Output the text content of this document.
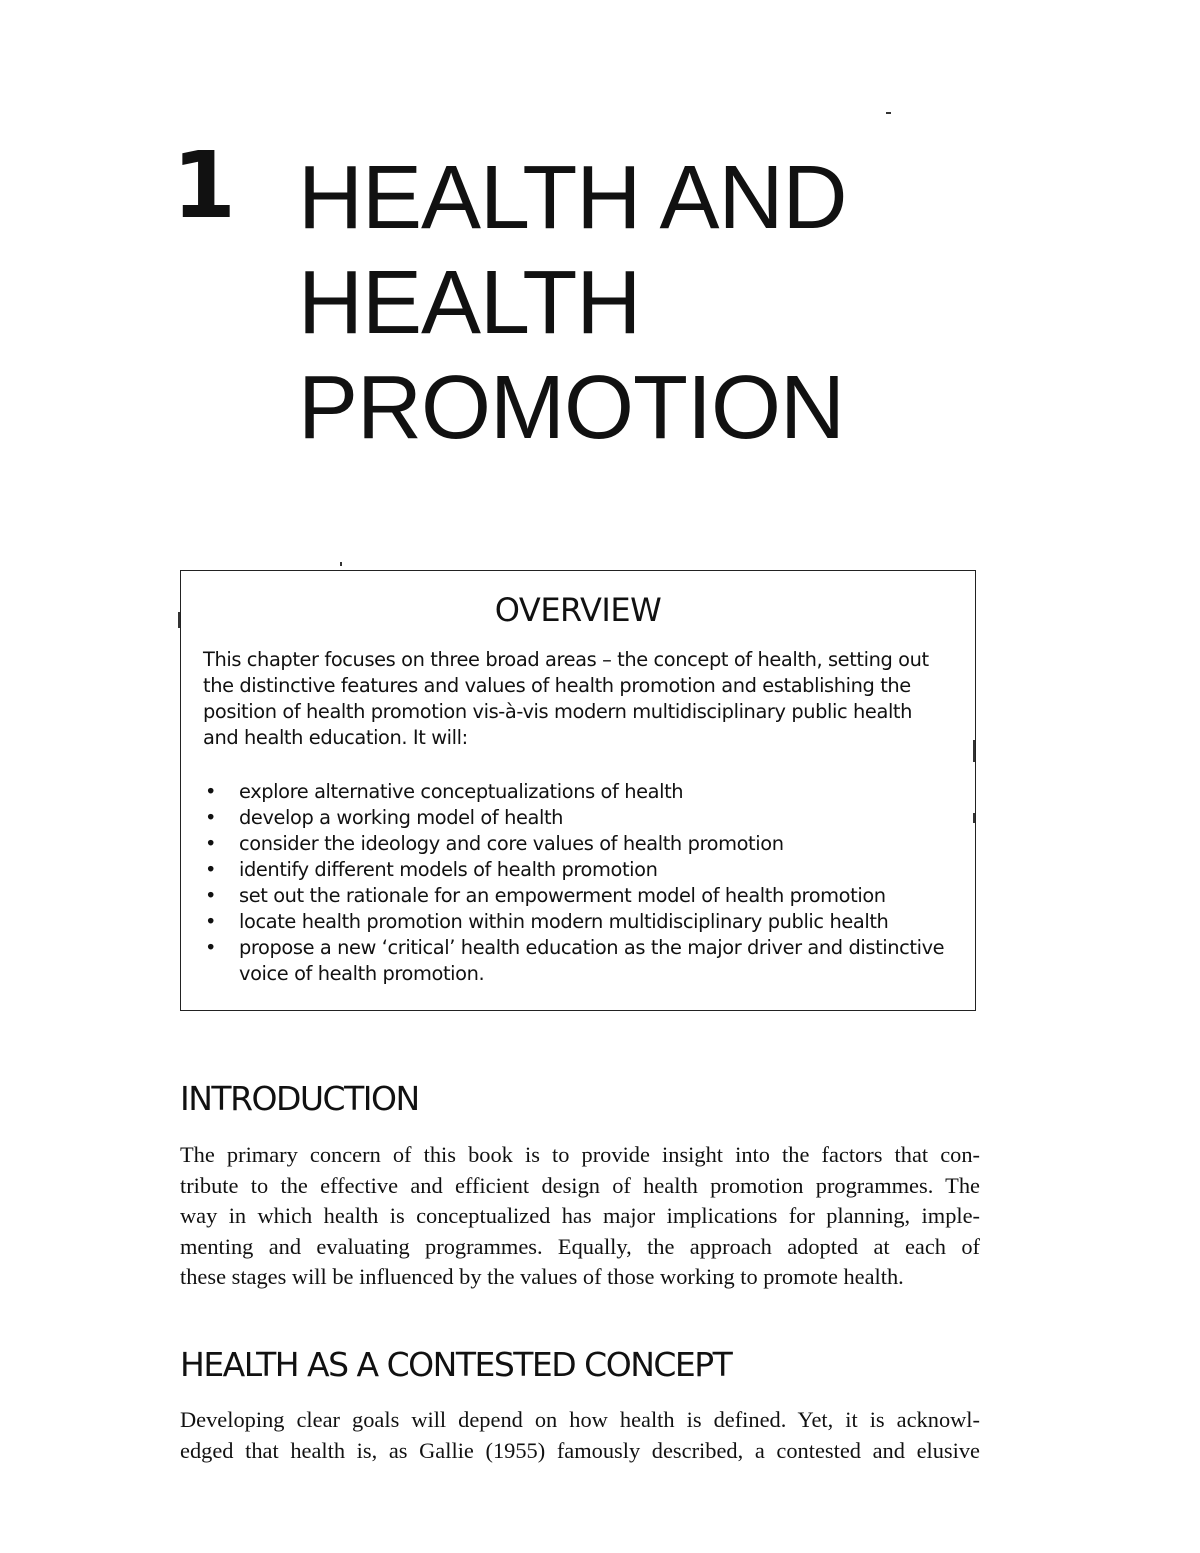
1 HEALTH AND
HEALTH
PROMOTION
OVERVIEW

This chapter focuses on three broad areas – the concept of health, setting out
the distinctive features and values of health promotion and establishing the
position of health promotion vis-à-vis modern multidisciplinary public health
and health education. It will:

• explore alternative conceptualizations of health
• develop a working model of health
• consider the ideology and core values of health promotion
• identify different models of health promotion
• set out the rationale for an empowerment model of health promotion
• locate health promotion within modern multidisciplinary public health
• propose a new ‘critical’ health education as the major driver and distinctive
voice of health promotion.
INTRODUCTION

The primary concern of this book is to provide insight into the factors that con-
tribute to the effective and efficient design of health promotion programmes. The
way in which health is conceptualized has major implications for planning, imple-
menting and evaluating programmes. Equally, the approach adopted at each of
these stages will be influenced by the values of those working to promote health.

HEALTH AS A CONTESTED CONCEPT

Developing clear goals will depend on how health is defined. Yet, it is acknowl-
edged that health is, as Gallie (1955) famously described, a contested and elusive
